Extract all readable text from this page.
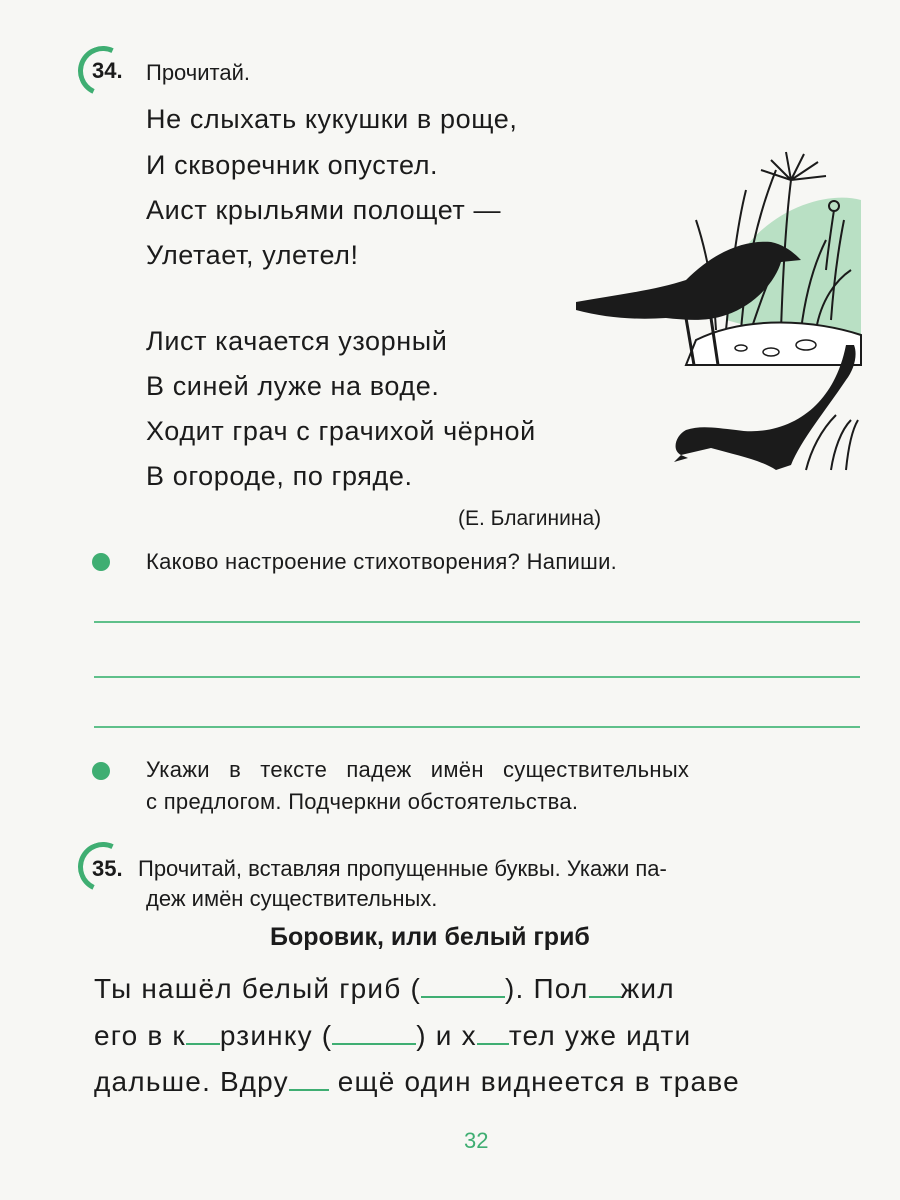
34. Прочитай.
Не слыхать кукушки в роще,
И скворечник опустел.
Аист крыльями полощет —
Улетает, улетел!
Лист качается узорный
В синей луже на воде.
Ходит грач с грачихой чёрной
В огороде, по гряде.
(Е. Благинина)
Каково настроение стихотворения? Напиши.
Укажи   в   тексте   падеж   имён   существительных
с предлогом. Подчеркни обстоятельства.
35. Прочитай, вставляя пропущенные буквы. Укажи па-
деж имён существительных.
Боровик, или белый гриб
Ты нашёл белый гриб (	). Пол жил
его в к рзинку (	) и х тел уже идти
дальше. Вдру ещё один виднеется в траве
32
